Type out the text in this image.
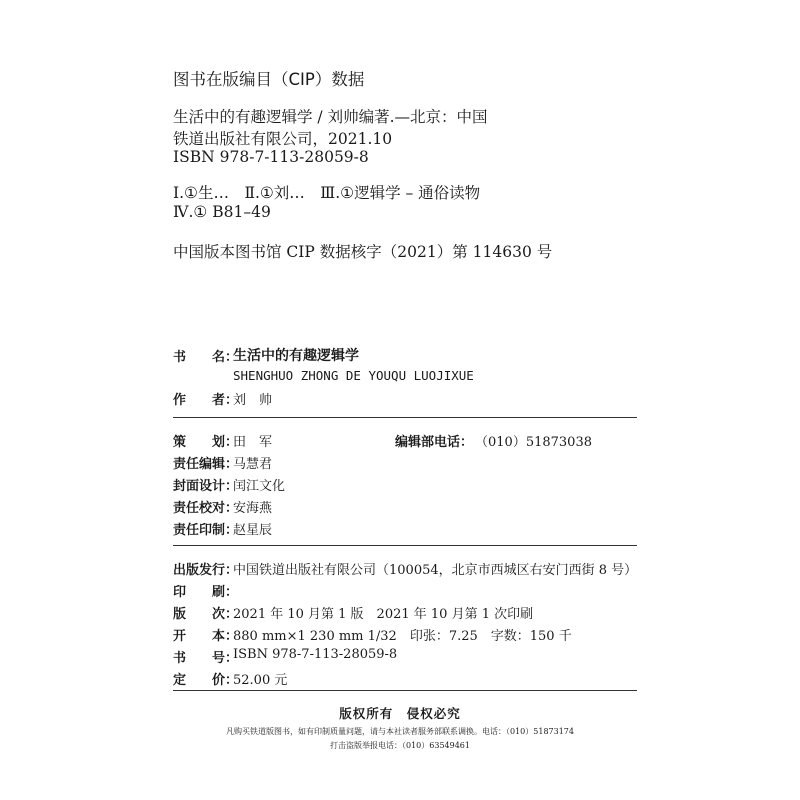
图书在版编目（CIP）数据
生活中的有趣逻辑学 / 刘帅编著.—北京：中国
铁道出版社有限公司，2021.10
ISBN 978-7-113-28059-8
Ⅰ.①生…　Ⅱ.①刘…　Ⅲ.①逻辑学 – 通俗读物
Ⅳ.① B81–49
中国版本图书馆 CIP 数据核字（2021）第 114630 号
书　　名：
生活中的有趣逻辑学
SHENGHUO ZHONG DE YOUQU LUOJIXUE
作　　者：
刘　帅
策　　划：
田　军	编辑部电话： （010）51873038
责任编辑：
马慧君
封面设计：
闰江文化
责任校对：
安海燕
责任印制：
赵星辰
出版发行：
中国铁道出版社有限公司（100054，北京市西城区右安门西街 8 号）
印　　刷：
版　　次：
2021 年 10 月第 1 版　2021 年 10 月第 1 次印刷
开　　本：
880 mm×1 230 mm 1/32　印张：7.25　字数：150 千
书　　号：
ISBN 978-7-113-28059-8
定　　价：
52.00 元
版权所有　侵权必究
凡购买铁道版图书，如有印制质量问题，请与本社读者服务部联系调换。电话：（010）51873174
打击盗版举报电话：（010）63549461
